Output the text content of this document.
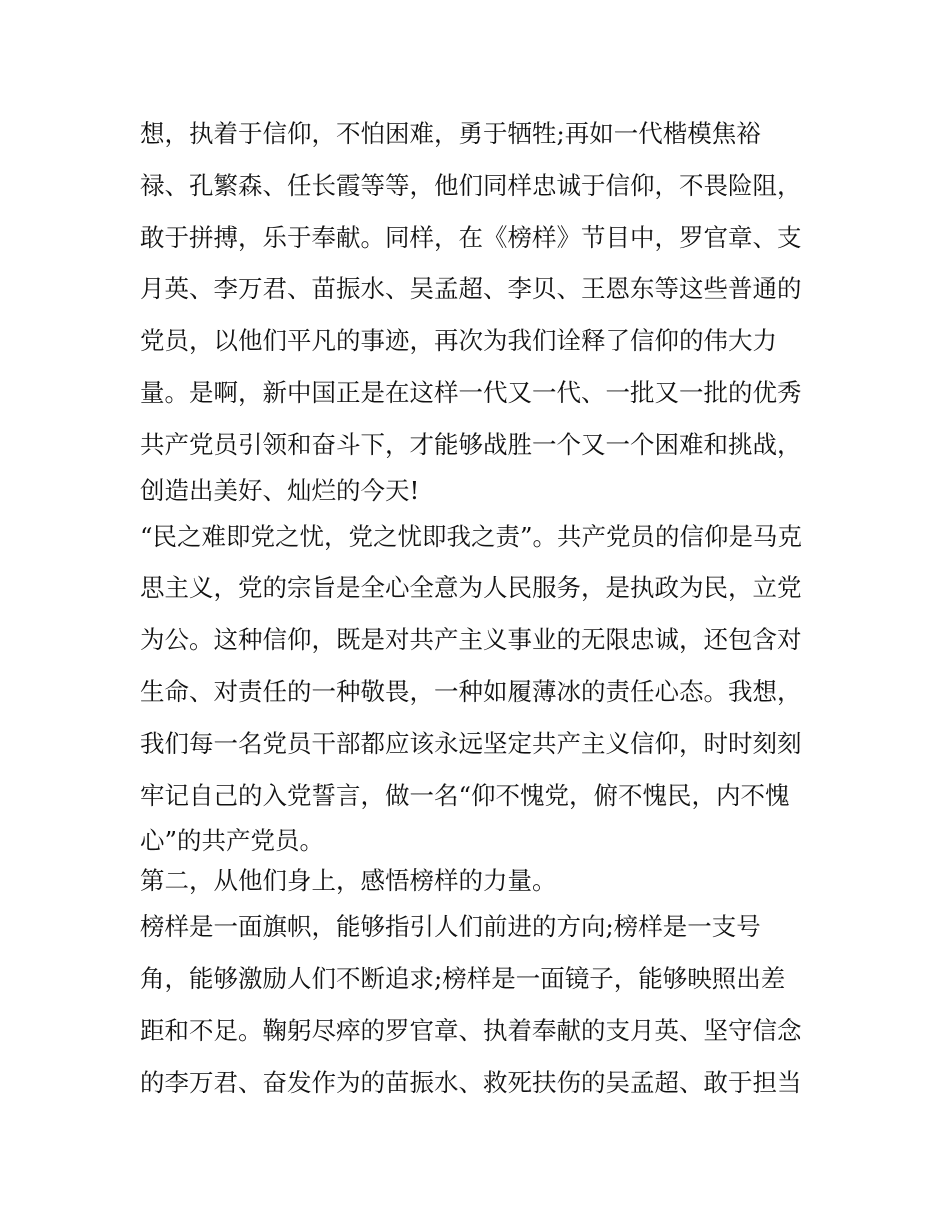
想，执着于信仰，不怕困难，勇于牺牲;再如一代楷模焦裕
禄、孔繁森、任长霞等等，他们同样忠诚于信仰，不畏险阻，
敢于拼搏，乐于奉献。同样，在《榜样》节目中，罗官章、支
月英、李万君、苗振水、吴孟超、李贝、王恩东等这些普通的
党员，以他们平凡的事迹，再次为我们诠释了信仰的伟大力
量。是啊，新中国正是在这样一代又一代、一批又一批的优秀
共产党员引领和奋斗下，才能够战胜一个又一个困难和挑战，
创造出美好、灿烂的今天!
“民之难即党之忧，党之忧即我之责”。共产党员的信仰是马克
思主义，党的宗旨是全心全意为人民服务，是执政为民，立党
为公。这种信仰，既是对共产主义事业的无限忠诚，还包含对
生命、对责任的一种敬畏，一种如履薄冰的责任心态。我想，
我们每一名党员干部都应该永远坚定共产主义信仰，时时刻刻
牢记自己的入党誓言，做一名“仰不愧党，俯不愧民，内不愧
心”的共产党员。
第二，从他们身上，感悟榜样的力量。
榜样是一面旗帜，能够指引人们前进的方向;榜样是一支号
角，能够激励人们不断追求;榜样是一面镜子，能够映照出差
距和不足。鞠躬尽瘁的罗官章、执着奉献的支月英、坚守信念
的李万君、奋发作为的苗振水、救死扶伤的吴孟超、敢于担当
